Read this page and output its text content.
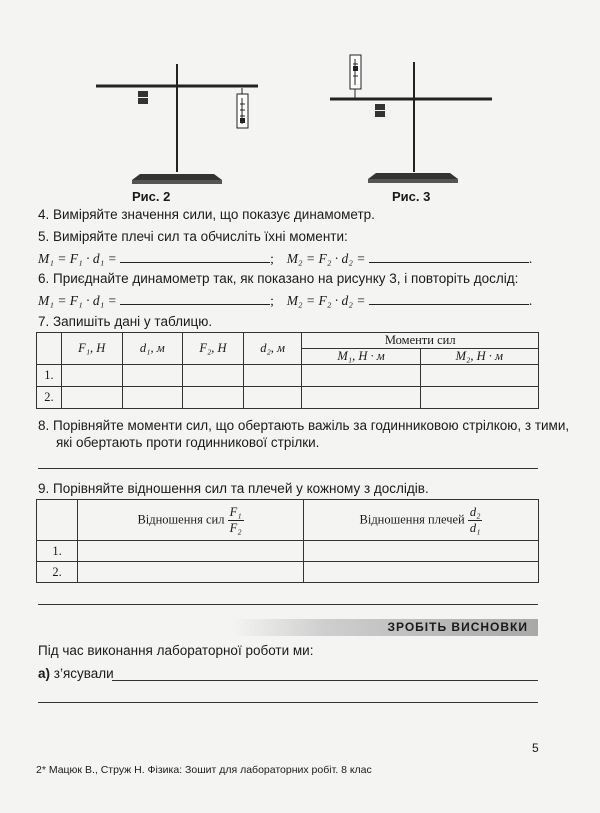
Рис. 2	Рис. 3
4. Виміряйте значення сили, що показує динамометр.
5. Виміряйте плечі сил та обчисліть їхні моменти:
M₁ = F₁ · d₁ =	; M₂ = F₂ · d₂ =	.
6. Приєднайте динамометр так, як показано на рисунку 3, і повторіть дослід:
M₁ = F₁ · d₁ =	; M₂ = F₂ · d₂ =	.
7. Запишіть дані у таблицю.
	F₁, Н	d₁, м	F₂, Н	d₂, м	Моменти сил	
					M₁, Н · м	M₂, Н · м
1.						
2.						
8. Порівняйте моменти сил, що обертають важіль за годинниковою стрілкою, з тими,
які обертають проти годинникової стрілки.
9. Порівняйте відношення сил та плечей у кожному з дослідів.
	Відношення сил $\frac{\text{F₁}}{\text{F₂}}$	Відношення плечей $\frac{\text{d₂}}{\text{d₁}}$

1.		
2.		
ЗРОБІТЬ ВИСНОВКИ
Під час виконання лабораторної роботи ми:
а) з’ясували
5
2* Мацюк В., Струж Н. Фізика: Зошит для лабораторних робіт. 8 клас
